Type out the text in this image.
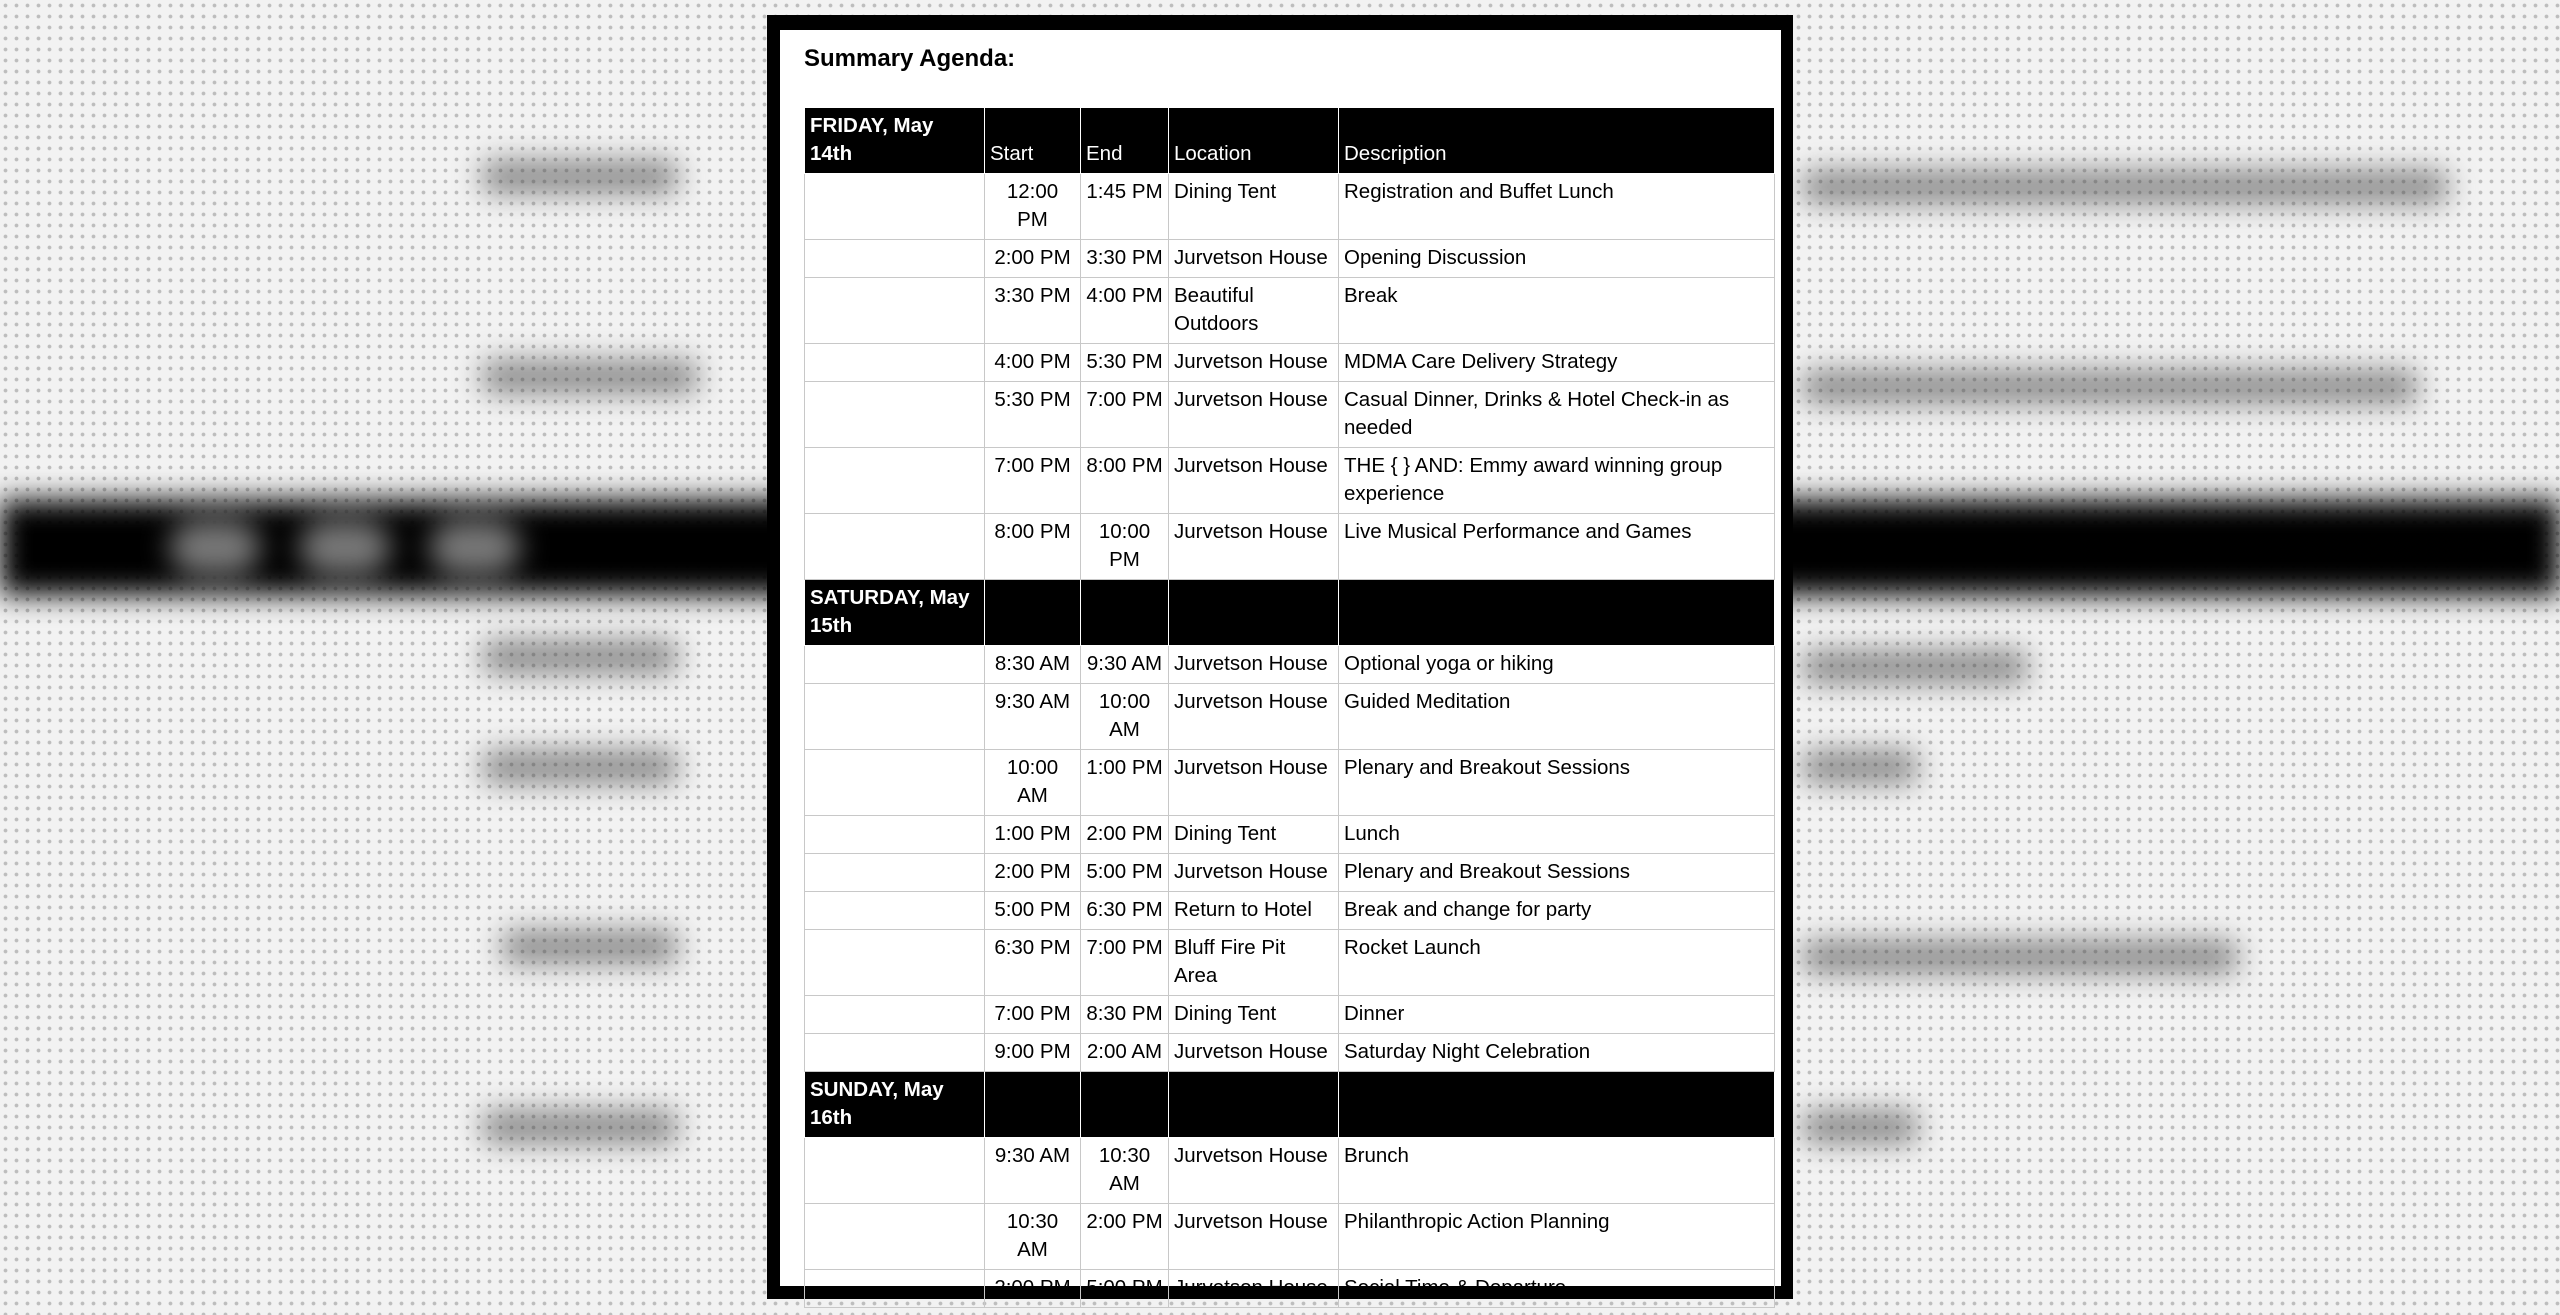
Summary Agenda:
FRIDAY, May 14th	Start	End	Location	Description
	12:00 PM	1:45 PM	Dining Tent	Registration and Buffet Lunch
	2:00 PM	3:30 PM	Jurvetson House	Opening Discussion
	3:30 PM	4:00 PM	Beautiful Outdoors	Break
	4:00 PM	5:30 PM	Jurvetson House	MDMA Care Delivery Strategy
	5:30 PM	7:00 PM	Jurvetson House	Casual Dinner, Drinks & Hotel Check-in as needed
	7:00 PM	8:00 PM	Jurvetson House	THE { } AND: Emmy award winning group experience
	8:00 PM	10:00 PM	Jurvetson House	Live Musical Performance and Games
SATURDAY, May 15th				
	8:30 AM	9:30 AM	Jurvetson House	Optional yoga or hiking
	9:30 AM	10:00 AM	Jurvetson House	Guided Meditation
	10:00 AM	1:00 PM	Jurvetson House	Plenary and Breakout Sessions
	1:00 PM	2:00 PM	Dining Tent	Lunch
	2:00 PM	5:00 PM	Jurvetson House	Plenary and Breakout Sessions
	5:00 PM	6:30 PM	Return to Hotel	Break and change for party
	6:30 PM	7:00 PM	Bluff Fire Pit Area	Rocket Launch
	7:00 PM	8:30 PM	Dining Tent	Dinner
	9:00 PM	2:00 AM	Jurvetson House	Saturday Night Celebration
SUNDAY, May 16th				
	9:30 AM	10:30 AM	Jurvetson House	Brunch
	10:30 AM	2:00 PM	Jurvetson House	Philanthropic Action Planning
	2:00 PM	5:00 PM	Jurvetson House	Social Time & Departure
